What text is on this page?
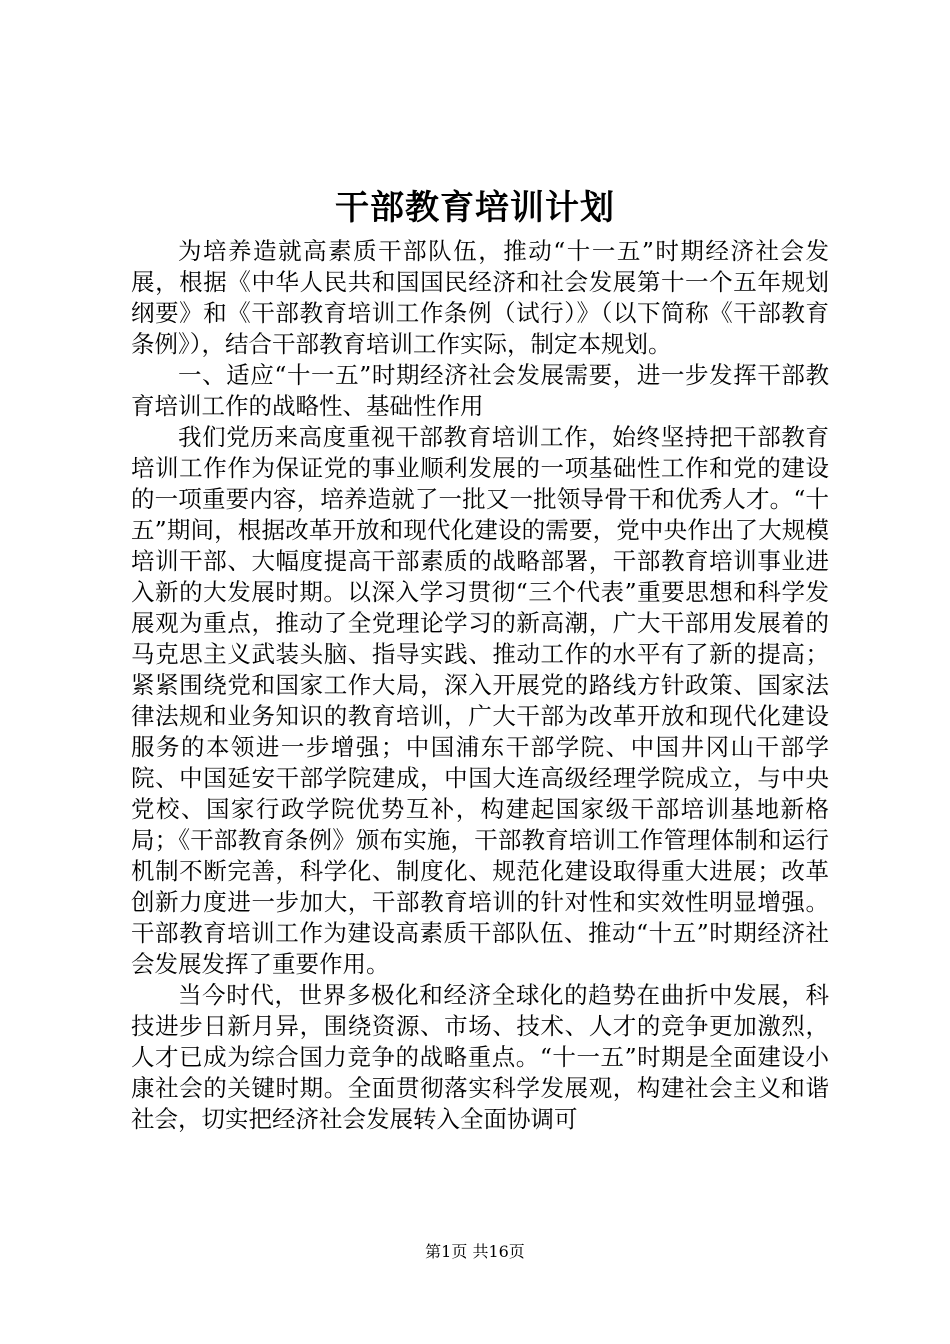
干部教育培训计划

为培养造就高素质干部队伍，推动“十一五”时期经济社会发展，根据《中华人民共和国国民经济和社会发展第十一个五年规划纲要》和《干部教育培训工作条例（试行）》（以下简称《干部教育条例》），结合干部教育培训工作实际，制定本规划。

一、适应“十一五”时期经济社会发展需要，进一步发挥干部教育培训工作的战略性、基础性作用

我们党历来高度重视干部教育培训工作，始终坚持把干部教育培训工作作为保证党的事业顺利发展的一项基础性工作和党的建设的一项重要内容，培养造就了一批又一批领导骨干和优秀人才。“十五”期间，根据改革开放和现代化建设的需要，党中央作出了大规模培训干部、大幅度提高干部素质的战略部署，干部教育培训事业进入新的大发展时期。以深入学习贯彻“三个代表”重要思想和科学发展观为重点，推动了全党理论学习的新高潮，广大干部用发展着的马克思主义武装头脑、指导实践、推动工作的水平有了新的提高；紧紧围绕党和国家工作大局，深入开展党的路线方针政策、国家法律法规和业务知识的教育培训，广大干部为改革开放和现代化建设服务的本领进一步增强；中国浦东干部学院、中国井冈山干部学院、中国延安干部学院建成，中国大连高级经理学院成立，与中央党校、国家行政学院优势互补，构建起国家级干部培训基地新格局；《干部教育条例》颁布实施，干部教育培训工作管理体制和运行机制不断完善，科学化、制度化、规范化建设取得重大进展；改革创新力度进一步加大，干部教育培训的针对性和实效性明显增强。干部教育培训工作为建设高素质干部队伍、推动“十五”时期经济社会发展发挥了重要作用。

当今时代，世界多极化和经济全球化的趋势在曲折中发展，科技进步日新月异，围绕资源、市场、技术、人才的竞争更加激烈，人才已成为综合国力竞争的战略重点。“十一五”时期是全面建设小康社会的关键时期。全面贯彻落实科学发展观，构建社会主义和谐社会，切实把经济社会发展转入全面协调可

第1页 共16页
